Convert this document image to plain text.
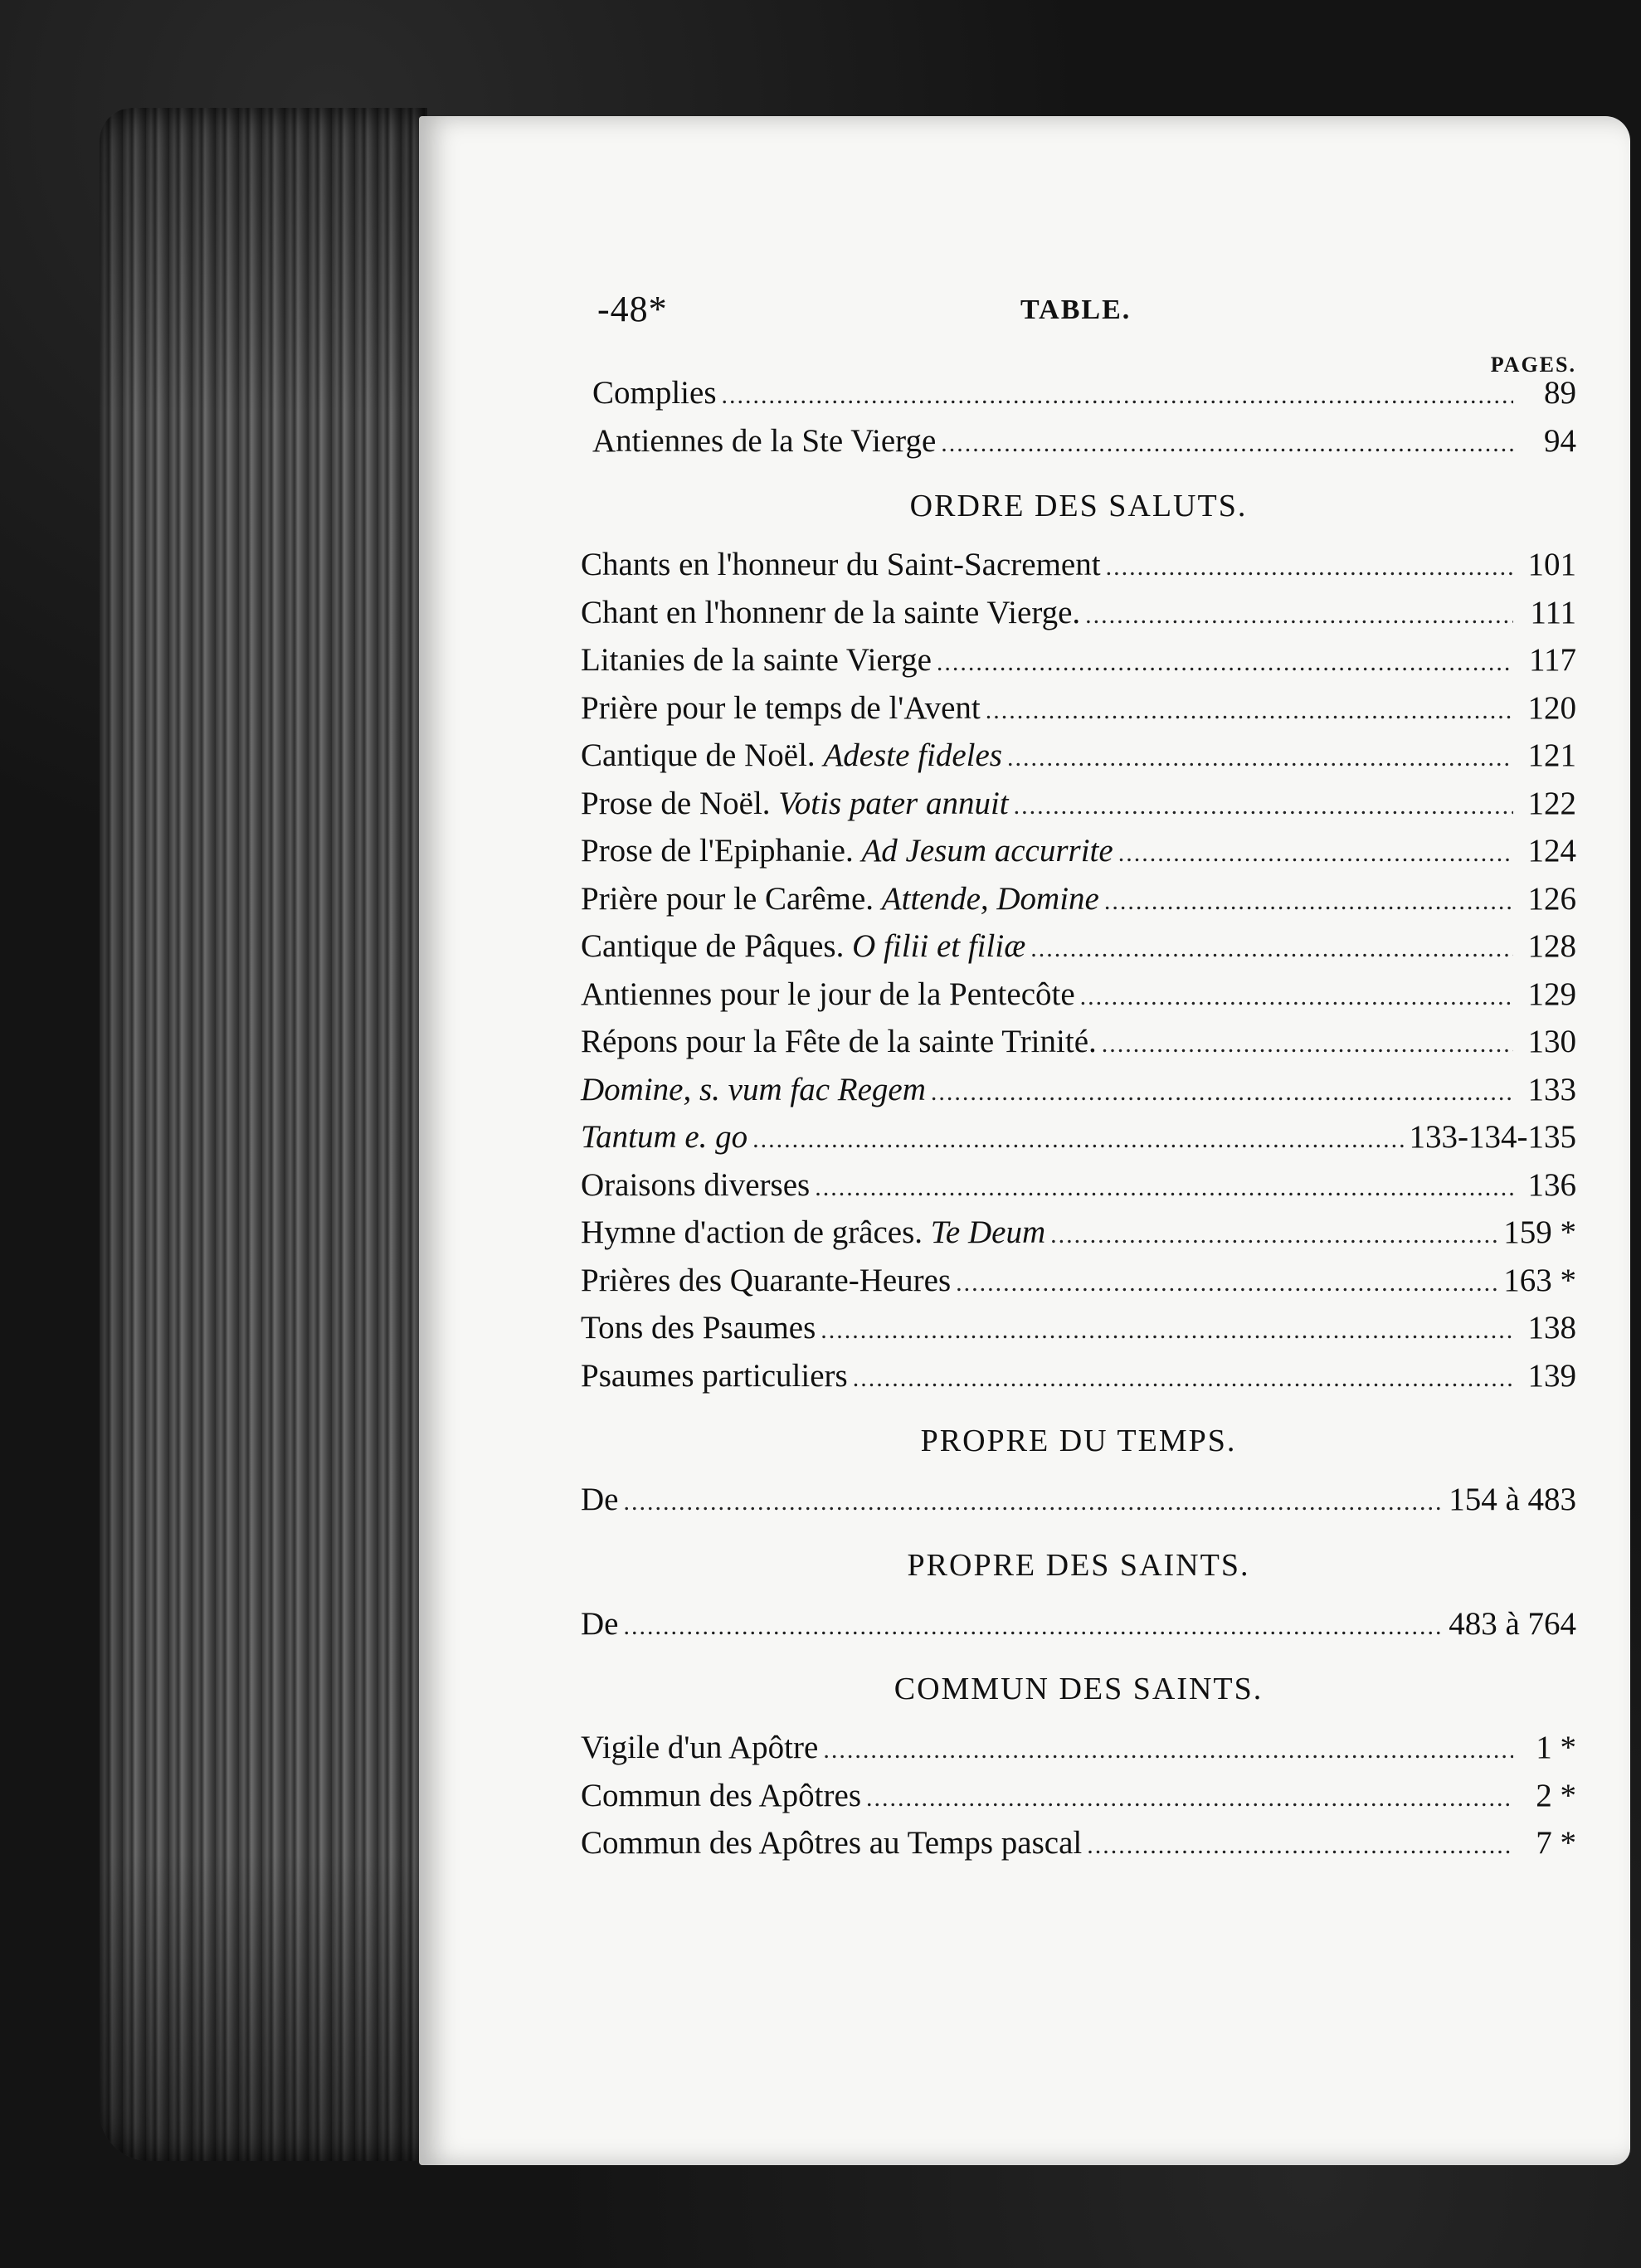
-48*	TABLE.
PAGES.
Complies .....	89
Antiennes de la Ste Vierge .....	94
ORDRE DES SALUTS.
Chants en l'honneur du Saint-Sacrement .....	101
Chant en l'honnenr de la sainte Vierge. .....	111
Litanies de la sainte Vierge .....	117
Prière pour le temps de l'Avent .....	120
Cantique de Noël. Adeste fideles .....	121
Prose de Noël. Votis pater annuit .....	122
Prose de l'Epiphanie. Ad Jesum accurrite .....	124
Prière pour le Carême. Attende, Domine .....	126
Cantique de Pâques. O filii et filiæ .....	128
Antiennes pour le jour de la Pentecôte .....	129
Répons pour la Fête de la sainte Trinité. .....	130
Domine, s. vum fac Regem .....	133
Tantum e. go .....	133-134-135
Oraisons diverses .....	136
Hymne d'action de grâces. Te Deum .....	159 *
Prières des Quarante-Heures .....	163 *
Tons des Psaumes .....	138
Psaumes particuliers .....	139
PROPRE DU TEMPS.
De .....	154 à 483
PROPRE DES SAINTS.
De .....	483 à 764
COMMUN DES SAINTS.
Vigile d'un Apôtre .....	1 *
Commun des Apôtres .....	2 *
Commun des Apôtres au Temps pascal .....	7 *
